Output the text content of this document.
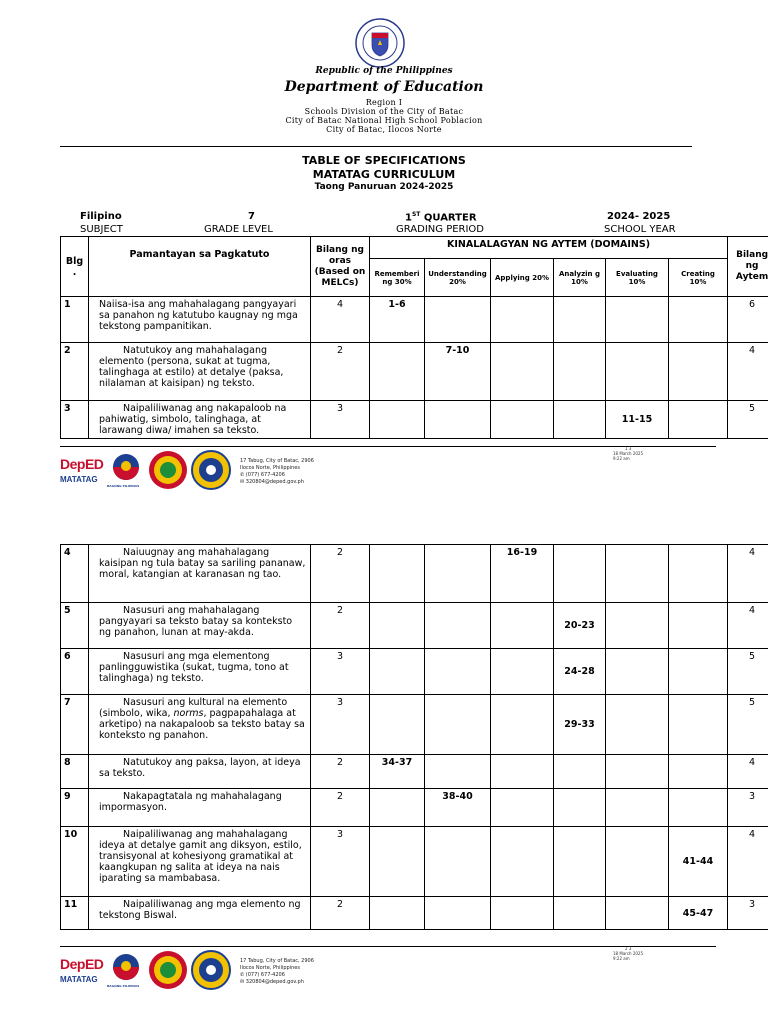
Republic of the Philippines
Department of Education
Region I
Schools Division of the City of Batac
City of Batac National High School Poblacion
City of Batac, Ilocos Norte
TABLE OF SPECIFICATIONS
MATATAG CURRICULUM
Taong Panuruan 2024-2025
Filipino
SUBJECT
7
GRADE LEVEL
1ST QUARTER
GRADING PERIOD
2024- 2025
SCHOOL YEAR
Blg .	Pamantayan sa Pagkatuto	Bilang ng oras (Based on MELCs)	KINALALAGYAN NG AYTEM (DOMAINS)						Bilang ng Aytem
			Rememberi ng 30%	Understanding 20%	Applying 20%	Analyzin g 10%	Evaluating 10%	Creating 10%	
1	Naiisa-isa ang mahahalagang pangyayari sa panahon ng katutubo kaugnay ng mga tekstong pampanitikan.	4	1-6						6
2	Natutukoy ang mahahalagang elemento (persona, sukat at tugma, talinghaga at estilo) at detalye (paksa, nilalaman at kaisipan) ng teksto.	2		7-10					4
3	Naipaliliwanag ang nakapaloob na pahiwatig, simbolo, talinghaga, at larawang diwa/ imahen sa teksto.	3					11-15		5
DepED
MATATAG
BAGONG PILIPINAS
17 Tabug, City of Batac, 2906
Ilocos Norte, Philippines
✆ (077) 677-4206
✉ 320804@deped.gov.ph
1 3
18 March 2025
9:22 am
4	Naiuugnay ang mahahalagang kaisipan ng tula batay sa sariling pananaw, moral, katangian at karanasan ng tao.	2			16-19				4
5	Nasusuri ang mahahalagang pangyayari sa teksto batay sa konteksto ng panahon, lunan at may-akda.	2				20-23			4
6	Nasusuri ang mga elementong panlingguwistika (sukat, tugma, tono at talinghaga) ng teksto.	3				24-28			5
7	Nasusuri ang kultural na elemento (simbolo, wika, norms, pagpapahalaga at arketipo) na nakapaloob sa teksto batay sa konteksto ng panahon.	3				29-33			5
8	Natutukoy ang paksa, layon, at ideya sa teksto.	2	34-37						4
9	Nakapagtatala ng mahahalagang impormasyon.	2		38-40					3
10	Naipaliliwanag ang mahahalagang ideya at detalye gamit ang diksyon, estilo, transisyonal at kohesiyong gramatikal at kaangkupan ng salita at ideya na nais iparating sa mambabasa.	3						41-44	4
11	Naipaliliwanag ang mga elemento ng tekstong Biswal.	2						45-47	3
DepED
MATATAG
BAGONG PILIPINAS
17 Tabug, City of Batac, 2906
Ilocos Norte, Philippines
✆ (077) 677-4206
✉ 320804@deped.gov.ph
2 3
18 March 2025
9:22 am
